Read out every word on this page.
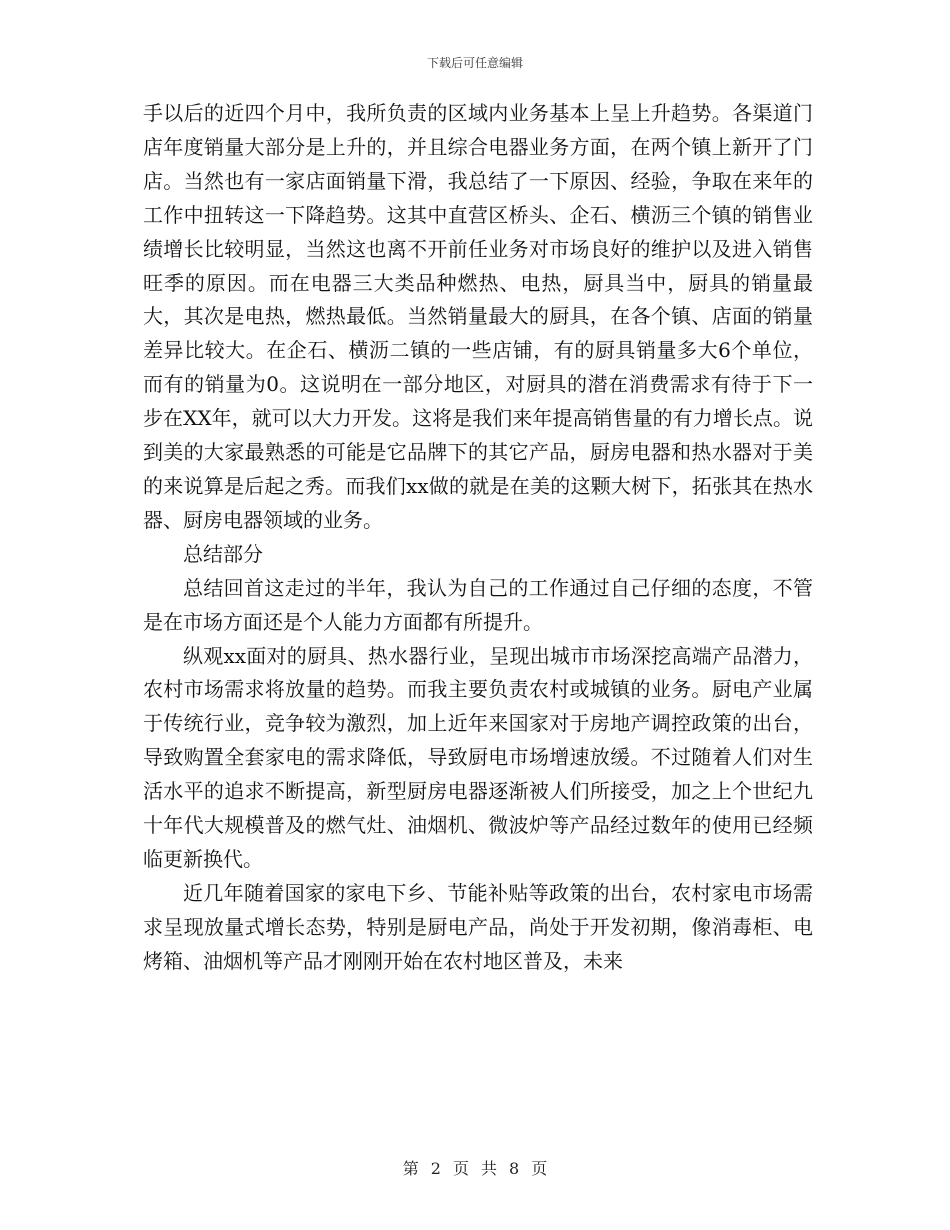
下载后可任意编辑

手以后的近四个月中，我所负责的区域内业务基本上呈上升趋势。各渠道门店年度销量大部分是上升的，并且综合电器业务方面，在两个镇上新开了门店。当然也有一家店面销量下滑，我总结了一下原因、经验，争取在来年的工作中扭转这一下降趋势。这其中直营区桥头、企石、横沥三个镇的销售业绩增长比较明显，当然这也离不开前任业务对市场良好的维护以及进入销售旺季的原因。而在电器三大类品种燃热、电热，厨具当中，厨具的销量最大，其次是电热，燃热最低。当然销量最大的厨具，在各个镇、店面的销量差异比较大。在企石、横沥二镇的一些店铺，有的厨具销量多大6个单位，而有的销量为0。这说明在一部分地区，对厨具的潜在消费需求有待于下一步在XX年，就可以大力开发。这将是我们来年提高销售量的有力增长点。说到美的大家最熟悉的可能是它品牌下的其它产品，厨房电器和热水器对于美的来说算是后起之秀。而我们xx做的就是在美的这颗大树下，拓张其在热水器、厨房电器领域的业务。

总结部分

总结回首这走过的半年，我认为自己的工作通过自己仔细的态度，不管是在市场方面还是个人能力方面都有所提升。

纵观xx面对的厨具、热水器行业，呈现出城市市场深挖高端产品潜力，农村市场需求将放量的趋势。而我主要负责农村或城镇的业务。厨电产业属于传统行业，竞争较为激烈，加上近年来国家对于房地产调控政策的出台，导致购置全套家电的需求降低，导致厨电市场增速放缓。不过随着人们对生活水平的追求不断提高，新型厨房电器逐渐被人们所接受，加之上个世纪九十年代大规模普及的燃气灶、油烟机、微波炉等产品经过数年的使用已经频临更新换代。

近几年随着国家的家电下乡、节能补贴等政策的出台，农村家电市场需求呈现放量式增长态势，特别是厨电产品，尚处于开发初期，像消毒柜、电烤箱、油烟机等产品才刚刚开始在农村地区普及，未来

第 2 页 共 8 页
